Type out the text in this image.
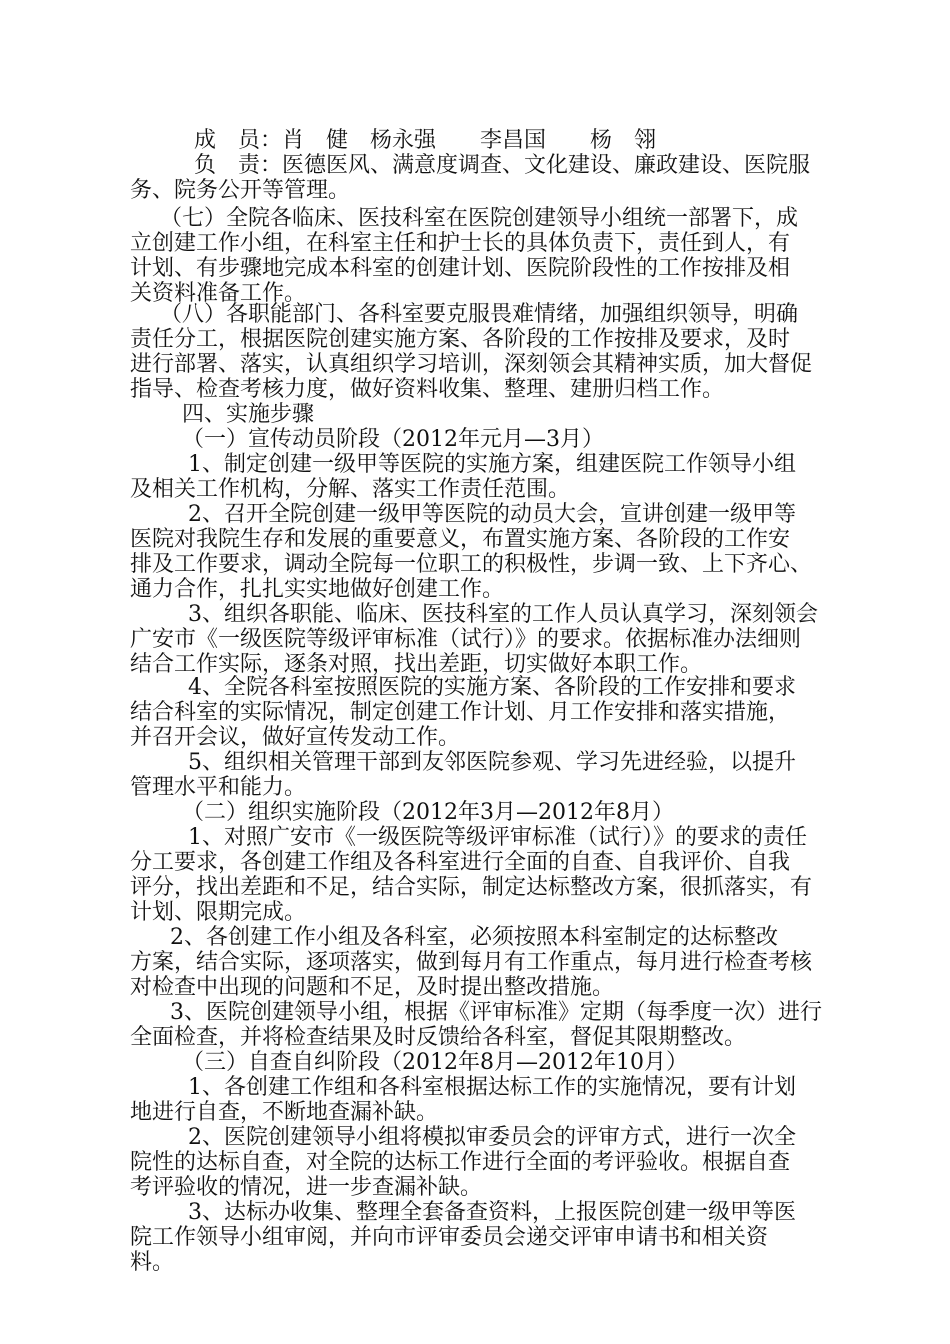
成　员：肖　健　杨永强　　李昌国　　杨　翎
负　责：医德医风、满意度调查、文化建设、廉政建设、医院服
务、院务公开等管理。
（七）全院各临床、医技科室在医院创建领导小组统一部署下，成
立创建工作小组，在科室主任和护士长的具体负责下，责任到人，有
计划、有步骤地完成本科室的创建计划、医院阶段性的工作按排及相
关资料准备工作。
（八）各职能部门、各科室要克服畏难情绪，加强组织领导，明确
责任分工，根据医院创建实施方案、各阶段的工作按排及要求，及时
进行部署、落实，认真组织学习培训，深刻领会其精神实质，加大督促
指导、检查考核力度，做好资料收集、整理、建册归档工作。
四、实施步骤
（一）宣传动员阶段（2012年元月—3月）
1、制定创建一级甲等医院的实施方案，组建医院工作领导小组
及相关工作机构，分解、落实工作责任范围。
2、召开全院创建一级甲等医院的动员大会，宣讲创建一级甲等
医院对我院生存和发展的重要意义，布置实施方案、各阶段的工作安
排及工作要求，调动全院每一位职工的积极性，步调一致、上下齐心、
通力合作，扎扎实实地做好创建工作。
3、组织各职能、临床、医技科室的工作人员认真学习，深刻领会
广安市《一级医院等级评审标准（试行）》的要求。依据标准办法细则
结合工作实际，逐条对照，找出差距，切实做好本职工作。
4、全院各科室按照医院的实施方案、各阶段的工作安排和要求
结合科室的实际情况，制定创建工作计划、月工作安排和落实措施，
并召开会议，做好宣传发动工作。
5、组织相关管理干部到友邻医院参观、学习先进经验，以提升
管理水平和能力。
（二）组织实施阶段（2012年3月—2012年8月）
1、对照广安市《一级医院等级评审标准（试行）》的要求的责任
分工要求，各创建工作组及各科室进行全面的自查、自我评价、自我
评分，找出差距和不足，结合实际，制定达标整改方案，很抓落实，有
计划、限期完成。
2、各创建工作小组及各科室，必须按照本科室制定的达标整改
方案，结合实际，逐项落实，做到每月有工作重点，每月进行检查考核
对检查中出现的问题和不足，及时提出整改措施。
3、医院创建领导小组，根据《评审标准》定期（每季度一次）进行
全面检查，并将检查结果及时反馈给各科室，督促其限期整改。
（三）自查自纠阶段（2012年8月—2012年10月）
1、各创建工作组和各科室根据达标工作的实施情况，要有计划
地进行自查，不断地查漏补缺。
2、医院创建领导小组将模拟审委员会的评审方式，进行一次全
院性的达标自查，对全院的达标工作进行全面的考评验收。根据自查
考评验收的情况，进一步查漏补缺。
3、达标办收集、整理全套备查资料，上报医院创建一级甲等医
院工作领导小组审阅，并向市评审委员会递交评审申请书和相关资
料。
